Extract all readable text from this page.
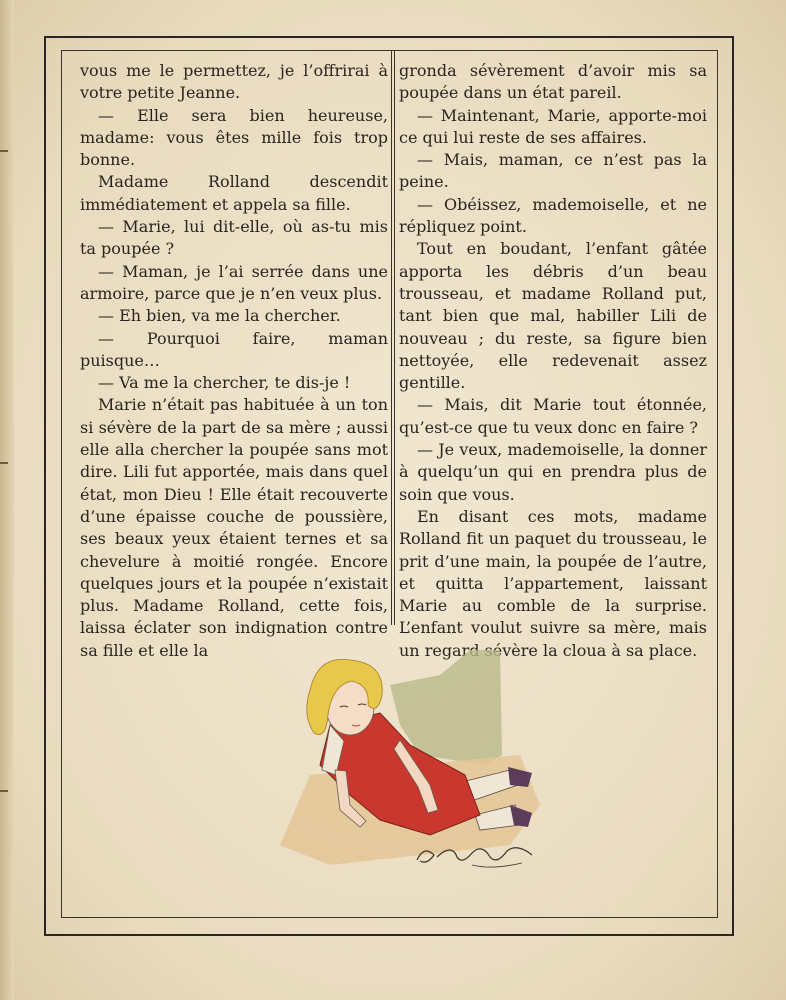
vous me le permettez, je l’offrirai à votre petite Jeanne.

— Elle sera bien heureuse, madame: vous êtes mille fois trop bonne.

Madame Rolland descendit immédiatement et appela sa fille.

— Marie, lui dit-elle, où as-tu mis ta poupée ?

— Maman, je l’ai serrée dans une armoire, parce que je n’en veux plus.

— Eh bien, va me la chercher.

— Pourquoi faire, maman puisque…

— Va me la chercher, te dis-je !

Marie n’était pas habituée à un ton si sévère de la part de sa mère ; aussi elle alla chercher la poupée sans mot dire. Lili fut apportée, mais dans quel état, mon Dieu ! Elle était recouverte d’une épaisse couche de poussière, ses beaux yeux étaient ternes et sa chevelure à moitié rongée. Encore quelques jours et la poupée n’existait plus. Madame Rolland, cette fois, laissa éclater son indignation contre sa fille et elle la

gronda sévèrement d’avoir mis sa poupée dans un état pareil.

— Maintenant, Marie, apporte-moi ce qui lui reste de ses affaires.

— Mais, maman, ce n’est pas la peine.

— Obéissez, mademoiselle, et ne répliquez point.

Tout en boudant, l’enfant gâtée apporta les débris d’un beau trousseau, et madame Rolland put, tant bien que mal, habiller Lili de nouveau ; du reste, sa figure bien nettoyée, elle redevenait assez gentille.

— Mais, dit Marie tout étonnée, qu’est-ce que tu veux donc en faire ?

— Je veux, mademoiselle, la donner à quelqu’un qui en prendra plus de soin que vous.

En disant ces mots, madame Rolland fit un paquet du trousseau, le prit d’une main, la poupée de l’autre, et quitta l’appartement, laissant Marie au comble de la surprise. L’enfant voulut suivre sa mère, mais un regard sévère la cloua à sa place.
